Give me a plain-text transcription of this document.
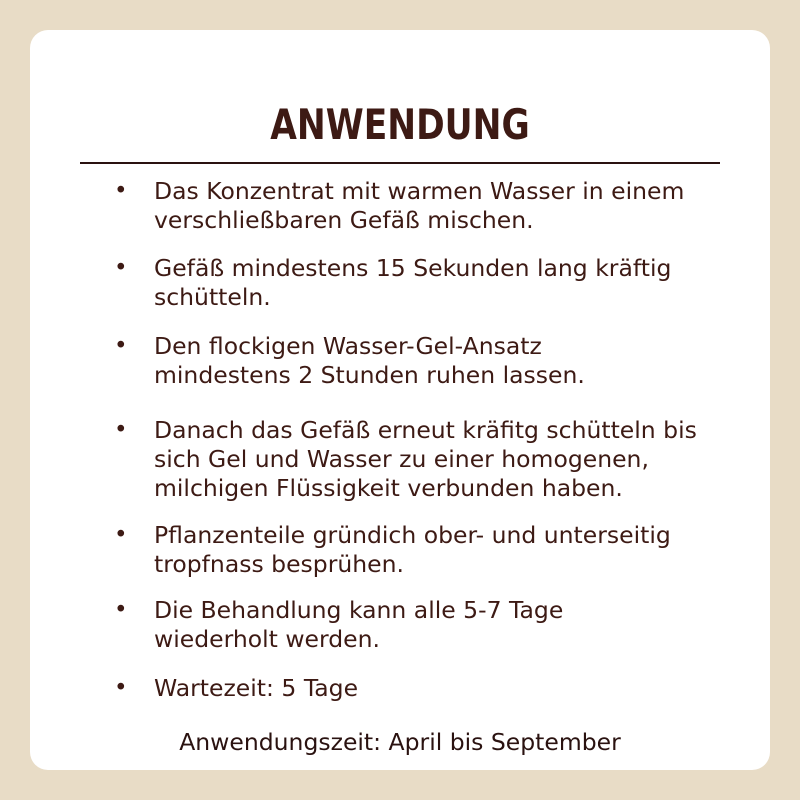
ANWENDUNG
• Das Konzentrat mit warmen Wasser in einem
verschließbaren Gefäß mischen.
• Gefäß mindestens 15 Sekunden lang kräftig
schütteln.
• Den flockigen Wasser-Gel-Ansatz
mindestens 2 Stunden ruhen lassen.
• Danach das Gefäß erneut kräfitg schütteln bis
sich Gel und Wasser zu einer homogenen,
milchigen Flüssigkeit verbunden haben.
• Pflanzenteile gründich ober- und unterseitig
tropfnass besprühen.
• Die Behandlung kann alle 5-7 Tage
wiederholt werden.
• Wartezeit: 5 Tage
Anwendungszeit: April bis September
